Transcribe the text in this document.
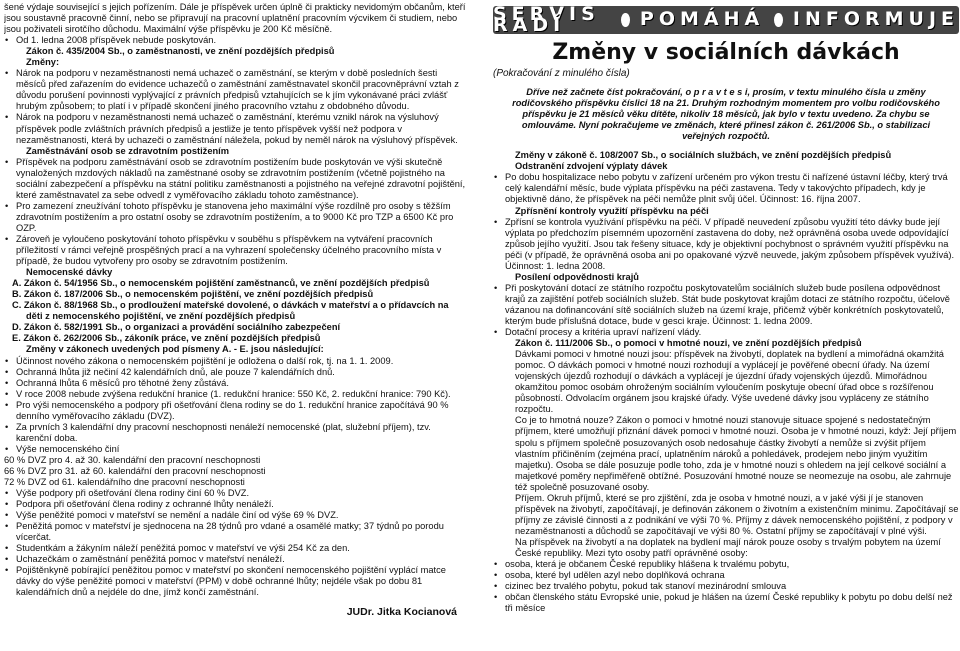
šené výdaje související s jejich pořízením. Dále je příspěvek určen úplně či prakticky nevidomým občanům, kteří jsou soustavně pracovně činní, nebo se připravují na pracovní uplatnění pracovním výcvikem či studiem, nebo jsou poživateli sirotčího důchodu. Maximální výše příspěvku je 200 Kč měsíčně.
• Od 1. ledna 2008 příspěvek nebude poskytován.
Zákon č. 435/2004 Sb., o zaměstnanosti, ve znění pozdějších předpisů
Změny:
• Nárok na podporu v nezaměstnanosti nemá uchazeč o zaměstnání, se kterým v době posledních šesti měsíců před zařazením do evidence uchazečů o zaměstnání zaměstnavatel skončil pracovněprávní vztah z důvodu porušení povinnosti vyplývající z právních předpisů vztahujících se k jím vykonávané práci zvlášť hrubým způsobem; to platí i v případě skončení jiného pracovního vztahu z obdobného důvodu.
• Nárok na podporu v nezaměstnanosti nemá uchazeč o zaměstnání, kterému vznikl nárok na výsluhový příspěvek podle zvláštních právních předpisů a jestliže je tento příspěvek vyšší než podpora v nezaměstnanosti, která by uchazeči o zaměstnání náležela, pokud by neměl nárok na výsluhový příspěvek.
Zaměstnávání osob se zdravotním postižením
• Příspěvek na podporu zaměstnávání osob se zdravotním postižením bude poskytován ve výši skutečně vynaložených mzdových nákladů na zaměstnané osoby se zdravotním postižením (včetně pojistného na sociální zabezpečení a příspěvku na státní politiku zaměstnanosti a pojistného na veřejné zdravotní pojištění, které zaměstnavatel za sebe odvedl z vyměřovacího základu tohoto zaměstnance).
• Pro zamezení zneužívání tohoto příspěvku je stanovena jeho maximální výše rozdílně pro osoby s těžším zdravotním postižením a pro ostatní osoby se zdravotním postižením, a to 9000 Kč pro TZP a 6500 Kč pro OZP.
• Zároveň je vyloučeno poskytování tohoto příspěvku v souběhu s příspěvkem na vytváření pracovních příležitostí v rámci veřejně prospěšných prací a na vyhrazení společensky účelného pracovního místa v případě, že budou vytvořeny pro osoby se zdravotním postižením.
Nemocenské dávky
A. Zákon č. 54/1956 Sb., o nemocenském pojištění zaměstnanců, ve znění pozdějších předpisů
B. Zákon č. 187/2006 Sb., o nemocenském pojištění, ve znění pozdějších předpisů
C. Zákon č. 88/1968 Sb., o prodloužení mateřské dovolené, o dávkách v mateřství a o přídavcích na děti z nemocenského pojištění, ve znění pozdějších předpisů
D. Zákon č. 582/1991 Sb., o organizaci a provádění sociálního zabezpečení
E. Zákon č. 262/2006 Sb., zákoník práce, ve znění pozdějších předpisů
Změny v zákonech uvedených pod písmeny A. - E. jsou následující:
• Účinnost nového zákona o nemocenském pojištění je odložena o další rok, tj. na 1. 1. 2009.
• Ochranná lhůta již nečiní 42 kalendářních dnů, ale pouze 7 kalendářních dnů.
• Ochranná lhůta 6 měsíců pro těhotné ženy zůstává.
• V roce 2008 nebude zvýšena redukční hranice (1. redukční hranice: 550 Kč, 2. redukční hranice: 790 Kč).
• Pro výši nemocenského a podpory při ošetřování člena rodiny se do 1. redukční hranice započítává 90 % denního vyměřovacího základu (DVZ).
• Za prvních 3 kalendářní dny pracovní neschopnosti nenáleží nemocenské (plat, služební příjem), tzv. karenční doba.
• Výše nemocenského činí
60 % DVZ pro 4. až 30. kalendářní den pracovní neschopnosti
66 % DVZ pro 31. až 60. kalendářní den pracovní neschopnosti
72 % DVZ od 61. kalendářního dne pracovní neschopnosti
• Výše podpory při ošetřování člena rodiny činí 60 % DVZ.
• Podpora při ošetřování člena rodiny z ochranné lhůty nenáleží.
• Výše peněžité pomoci v mateřství se nemění a nadále činí od výše 69 % DVZ.
• Peněžitá pomoc v mateřství je sjednocena na 28 týdnů pro vdané a osamělé matky; 37 týdnů po porodu vícerčat.
• Studentkám a žákyním náleží peněžitá pomoc v mateřství ve výši 254 Kč za den.
• Uchazečkám o zaměstnání peněžitá pomoc v mateřství nenáleží.
• Pojištěnkyně pobírající peněžitou pomoc v mateřství po skončení nemocenského pojištění vyplácí matce dávky do výše peněžité pomoci v mateřství (PPM) v době ochranné lhůty; nejdéle však po dobu 81 kalendářních dnů a nejdéle do dne, jímž končí zaměstnání.
JUDr. Jitka Kocianová
SERVIS RADÍ	POMÁHÁ INFORMUJE
Změny v sociálních dávkách
(Pokračování z minulého čísla)
Dříve než začnete číst pokračování, o p r a v t e s i, prosím, v textu minulého čísla u změny rodičovského příspěvku číslici 18 na 21. Druhým rozhodným momentem pro volbu rodičovského příspěvku je 21 měsíců věku dítěte, nikoliv 18 měsíců, jak bylo v textu uvedeno. Za chybu se omlouváme. Nyní pokračujeme ve změnách, které přinesl zákon č. 261/2006 Sb., o stabilizaci veřejných rozpočtů.
Změny v zákoně č. 108/2007 Sb., o sociálních službách, ve znění pozdějších předpisů
Odstranění zdvojení výplaty dávek
• Po dobu hospitalizace nebo pobytu v zařízení určeném pro výkon trestu či nařízené ústavní léčby, který trvá celý kalendářní měsíc, bude výplata příspěvku na péči zastavena. Tedy v takovýchto případech, kdy je objektivně dáno, že příspěvek na péči nemůže plnit svůj účel. Účinnost: 16. října 2007.
Zpřísnění kontroly využití příspěvku na péči
• Zpřísní se kontrola využívání příspěvku na péči. V případě neuvedení způsobu využití této dávky bude její výplata po předchozím písemném upozornění zastavena do doby, než oprávněná osoba uvede odpovídající způsob jejího využití. Jsou tak řešeny situace, kdy je objektivní pochybnost o správném využití příspěvku na péči (v případě, že oprávněná osoba ani po opakované výzvě neuvede, jakým způsobem příspěvek využívá). Účinnost: 1. ledna 2008.
Posílení odpovědnosti krajů
• Při poskytování dotací ze státního rozpočtu poskytovatelům sociálních služeb bude posílena odpovědnost krajů za zajištění potřeb sociálních služeb. Stát bude poskytovat krajům dotaci ze státního rozpočtu, účelově vázanou na dofinancování sítě sociálních služeb na území kraje, přičemž výběr konkrétních poskytovatelů, kterým bude příslušná dotace, bude v gesci kraje. Účinnost: 1. ledna 2009.
• Dotační procesy a kritéria upraví nařízení vlády.
Zákon č. 111/2006 Sb., o pomoci v hmotné nouzi, ve znění pozdějších předpisů
Dávkami pomoci v hmotné nouzi jsou: příspěvek na živobytí, doplatek na bydlení a mimořádná okamžitá pomoc. O dávkách pomoci v hmotné nouzi rozhodují a vyplácejí je pověřené obecní úřady. Na území vojenských újezdů rozhodují o dávkách a vyplácejí je újezdní úřady vojenských újezdů. Mimořádnou okamžitou pomoc osobám ohroženým sociálním vyloučením poskytuje obecní úřad obce s rozšířenou působností. Odvolacím orgánem jsou krajské úřady. Výše uvedené dávky jsou vypláceny ze státního rozpočtu.
Co je to hmotná nouze? Zákon o pomoci v hmotné nouzi stanovuje situace spojené s nedostatečným příjmem, které umožňují přiznání dávek pomoci v hmotné nouzi. Osoba je v hmotné nouzi, když: Její příjem spolu s příjmem společně posuzovaných osob nedosahuje částky živobytí a nemůže si zvýšit příjem vlastním přičiněním (zejména prací, uplatněním nároků a pohledávek, prodejem nebo jiným využitím majetku). Osoba se dále posuzuje podle toho, zda je v hmotné nouzi s ohledem na její celkové sociální a majetkové poměry nepřiměřeně obtížné. Posuzování hmotné nouze se neomezuje na osobu, ale zahrnuje též společně posuzované osoby.
Příjem. Okruh příjmů, které se pro zjištění, zda je osoba v hmotné nouzi, a v jaké výši jí je stanoven příspěvek na živobytí, započítávají, je definován zákonem o životním a existenčním minimu. Započítávají se příjmy ze závislé činnosti a z podnikání ve výši 70 %. Příjmy z dávek nemocenského pojištění, z podpory v nezaměstnanosti a důchodů se započítávají ve výši 80 %. Ostatní příjmy se započítávají v plné výši.
Na příspěvek na živobytí a na doplatek na bydlení mají nárok pouze osoby s trvalým pobytem na území České republiky. Mezi tyto osoby patří oprávněné osoby:
• osoba, která je občanem České republiky hlášena k trvalému pobytu,
• osoba, které byl udělen azyl nebo doplňková ochrana
• cizinec bez trvalého pobytu, pokud tak stanoví mezinárodní smlouva
• občan členského státu Evropské unie, pokud je hlášen na území České republiky k pobytu po dobu delší než tři měsíce
